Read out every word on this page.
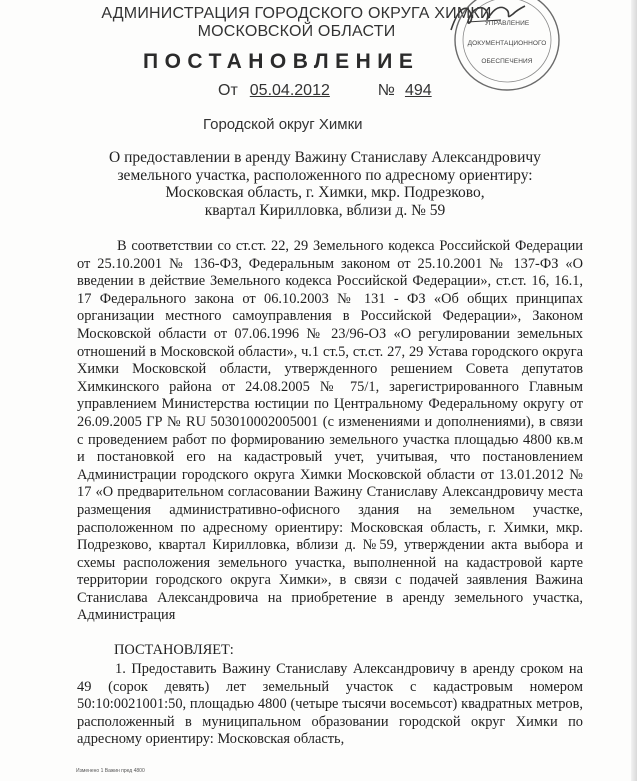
АДМИНИСТРАЦИЯ ГОРОДСКОГО ОКРУГА ХИМКИ
МОСКОВСКОЙ ОБЛАСТИ	УПРАВЛЕНИЕ
ДОКУМЕНТАЦИОННОГО
ОБЕСПЕЧЕНИЯ
ПОСТАНОВЛЕНИЕ
От 05.04.2012	№ 494
Городской округ Химки
О предоставлении в аренду Важину Станиславу Александровичу
земельного участка, расположенного по адресному ориентиру:
Московская область, г. Химки, мкр. Подрезково,
квартал Кирилловка, вблизи д. № 59

В соответствии со ст.ст. 22, 29 Земельного кодекса Российской Федерации от 25.10.2001 № 136-ФЗ, Федеральным законом от 25.10.2001 № 137-ФЗ «О введении в действие Земельного кодекса Российской Федерации», ст.ст. 16, 16.1, 17 Федерального закона от 06.10.2003 № 131 - ФЗ «Об общих принципах организации местного самоуправления в Российской Федерации», Законом Московской области от 07.06.1996 № 23/96-ОЗ «О регулировании земельных отношений в Московской области», ч.1 ст.5, ст.ст. 27, 29 Устава городского округа Химки Московской области, утвержденного решением Совета депутатов Химкинского района от 24.08.2005 № 75/1, зарегистрированного Главным управлением Министерства юстиции по Центральному Федеральному округу от 26.09.2005 ГР № RU 503010002005001 (с изменениями и дополнениями), в связи с проведением работ по формированию земельного участка площадью 4800 кв.м и постановкой его на кадастровый учет, учитывая, что постановлением Администрации городского округа Химки Московской области от 13.01.2012 № 17 «О предварительном согласовании Важину Станиславу Александровичу места размещения административно-офисного здания на земельном участке, расположенном по адресному ориентиру: Московская область, г. Химки, мкр. Подрезково, квартал Кирилловка, вблизи д. №59, утверждении акта выбора и схемы расположения земельного участка, выполненной на кадастровой карте территории городского округа Химки», в связи с подачей заявления Важина Станислава Александровича на приобретение в аренду земельного участка, Администрация

ПОСТАНОВЛЯЕТ:
1. Предоставить Важину Станиславу Александровичу в аренду сроком на 49 (сорок девять) лет земельный участок с кадастровым номером 50:10:0021001:50, площадью 4800 (четыре тысячи восемьсот) квадратных метров, расположенный в муниципальном образовании городской округ Химки по адресному ориентиру: Московская область,
Изменено 1 Важин пред 4800
